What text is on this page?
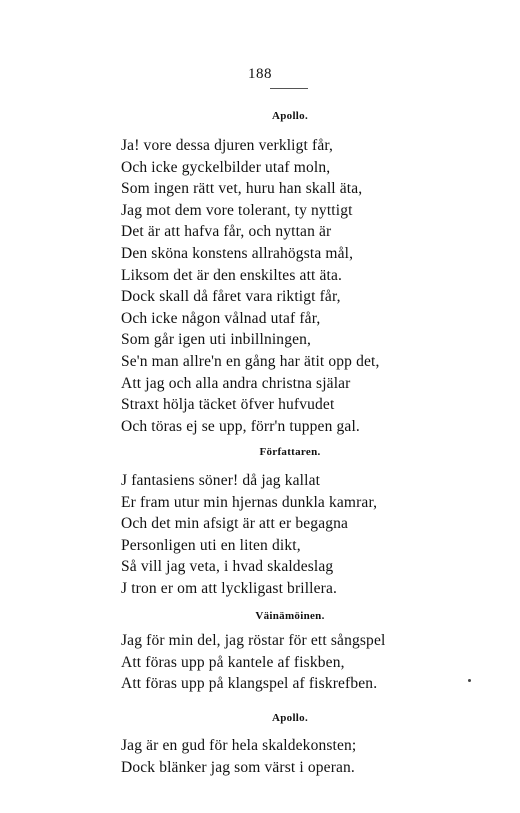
188
Apollo.
Ja! vore dessa djuren verkligt får,
Och icke gyckelbilder utaf moln,
Som ingen rätt vet, huru han skall äta,
Jag mot dem vore tolerant, ty nyttigt
Det är att hafva får, och nyttan är
Den sköna konstens allrahögsta mål,
Liksom det är den enskiltes att äta.
Dock skall då fåret vara riktigt får,
Och icke någon vålnad utaf får,
Som går igen uti inbillningen,
Se'n man allre'n en gång har ätit opp det,
Att jag och alla andra christna själar
Straxt hölja täcket öfver hufvudet
Och töras ej se upp, förr'n tuppen gal.
Författaren.
J fantasiens söner! då jag kallat
Er fram utur min hjernas dunkla kamrar,
Och det min afsigt är att er begagna
Personligen uti en liten dikt,
Så vill jag veta, i hvad skaldeslag
J tron er om att lyckligast brillera.
Väinämöinen.
Jag för min del, jag röstar för ett sångspel
Att föras upp på kantele af fiskben,
Att föras upp på klangspel af fiskrefben.
Apollo.
Jag är en gud för hela skaldekonsten;
Dock blänker jag som värst i operan.
